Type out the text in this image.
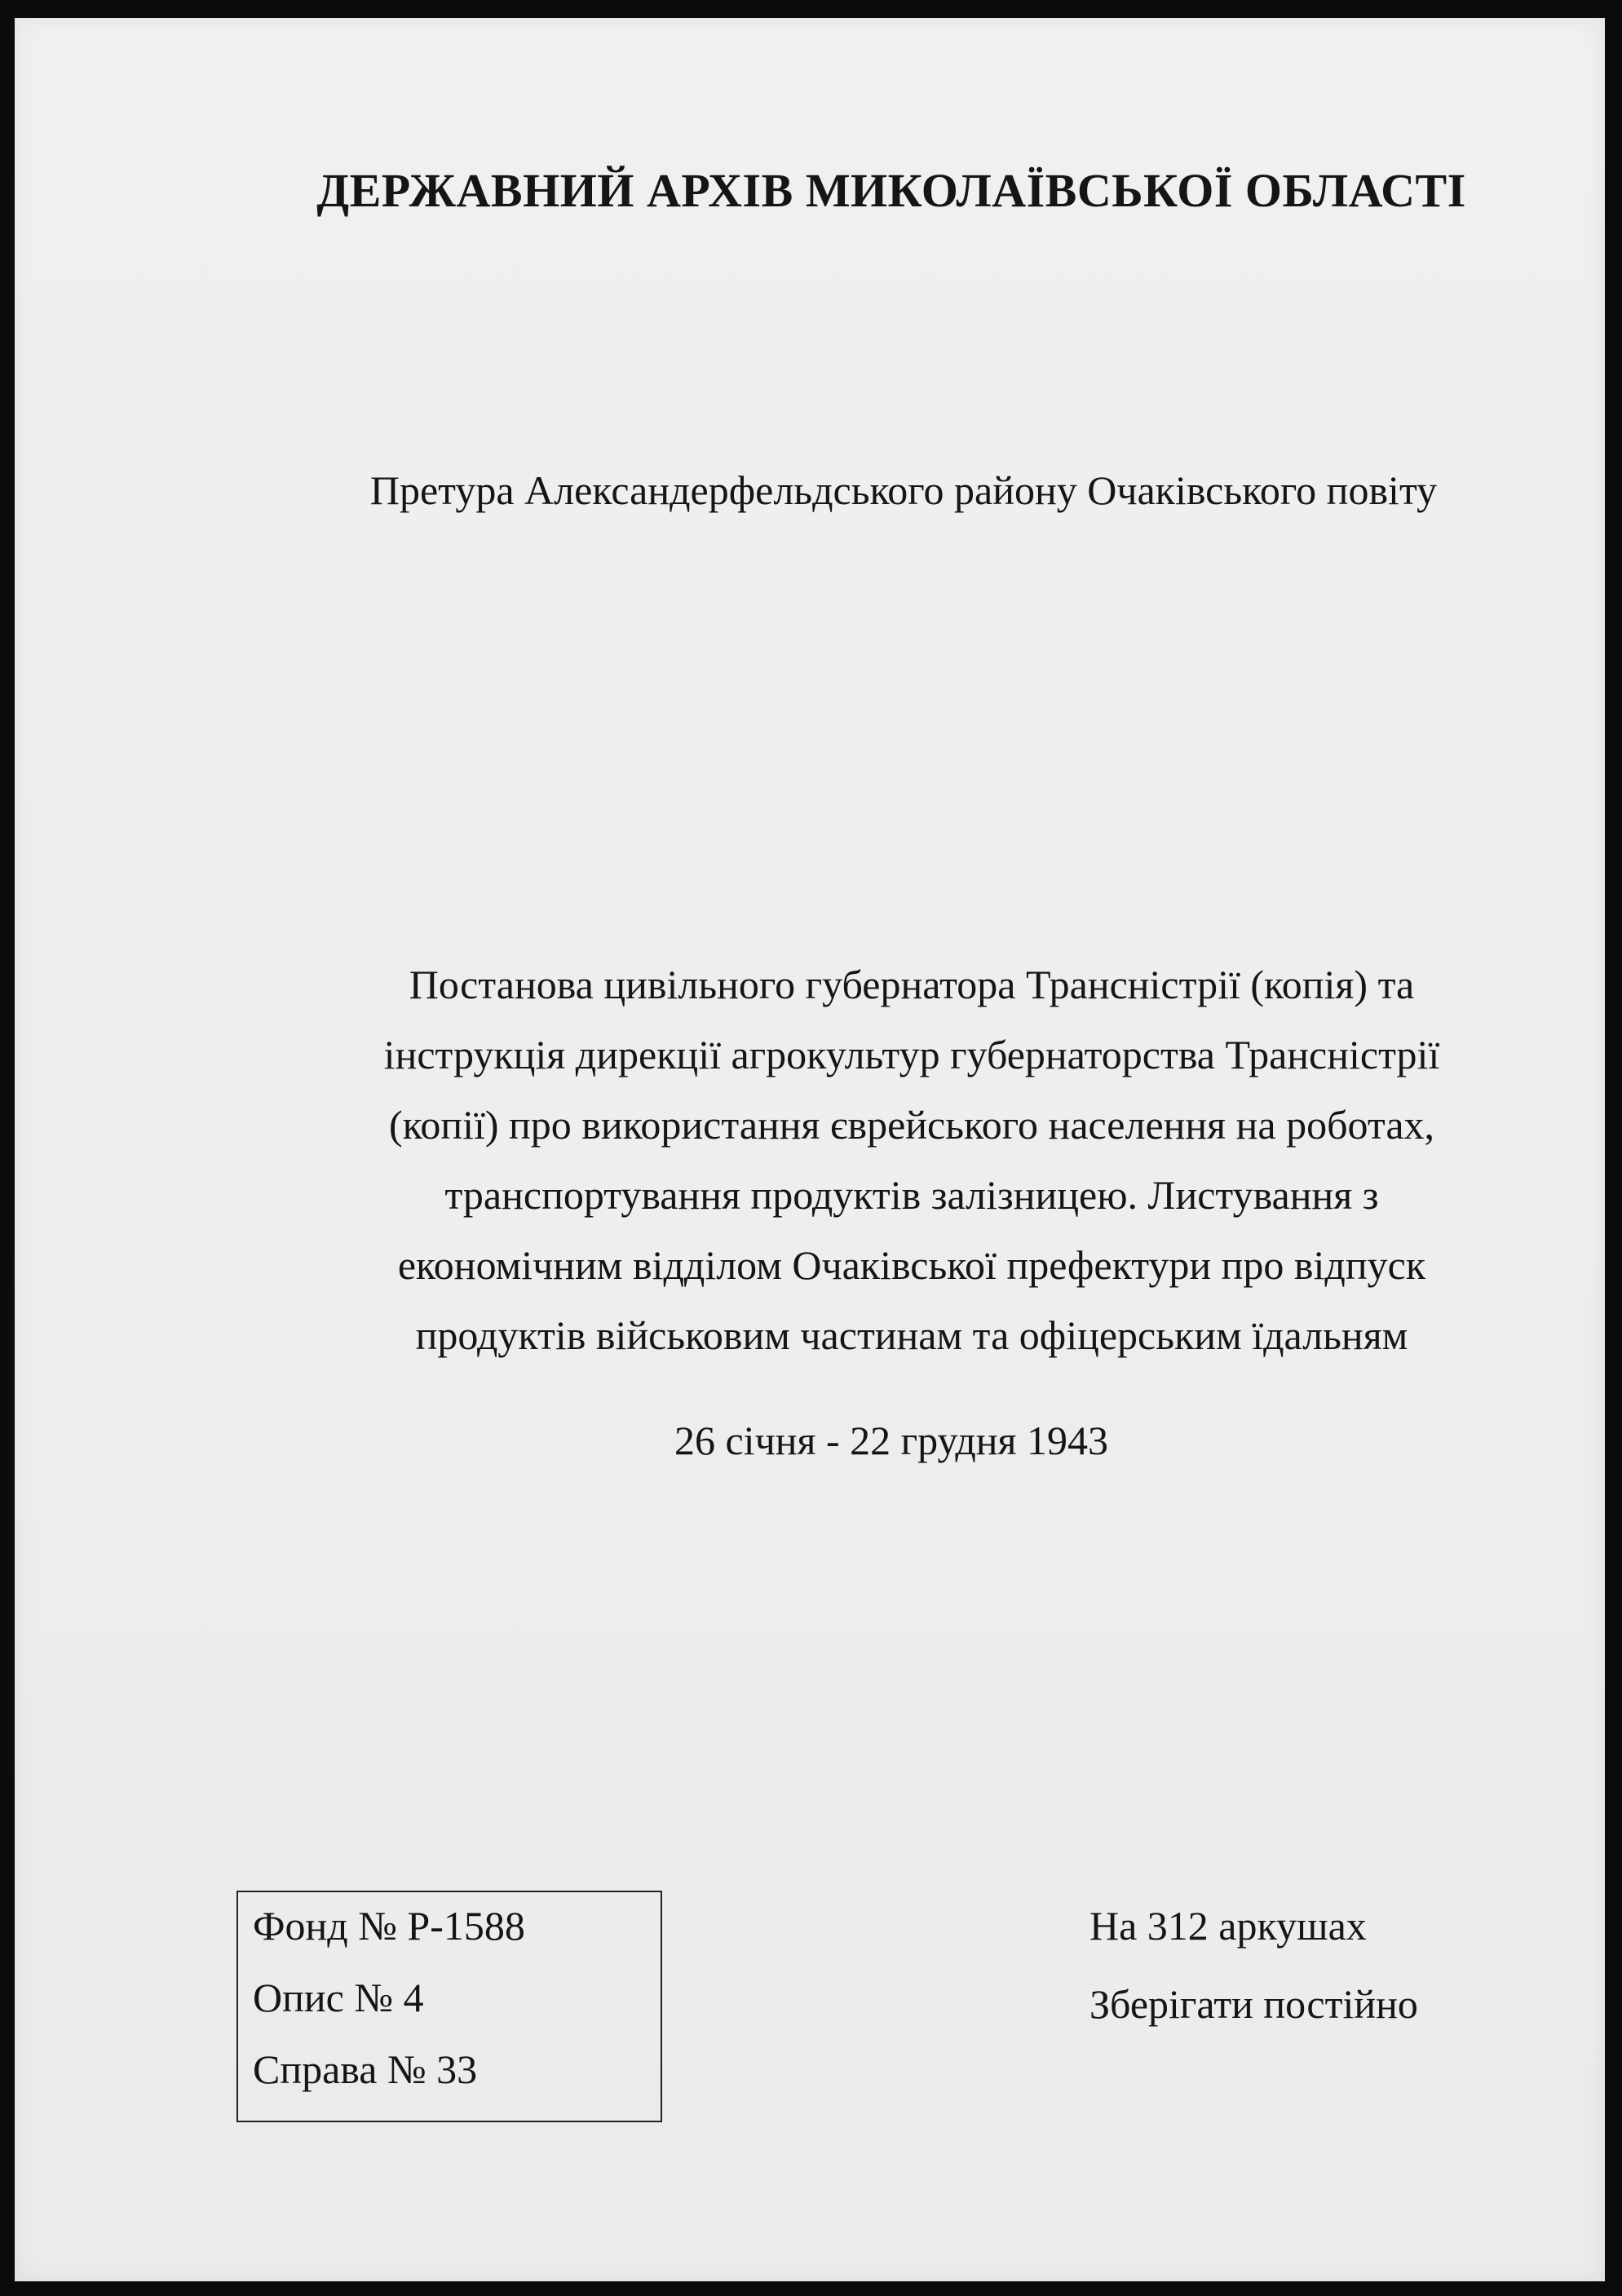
ДЕРЖАВНИЙ АРХІВ МИКОЛАЇВСЬКОЇ ОБЛАСТІ
Претура Александерфельдського району Очаківського повіту
Постанова цивільного губернатора Трансністрії (копія) та
інструкція дирекції агрокультур губернаторства Трансністрії
(копії) про використання єврейського населення на роботах,
транспортування продуктів залізницею. Листування з
економічним відділом Очаківської префектури про відпуск
продуктів військовим частинам та офіцерським їдальням
26 січня - 22 грудня 1943
Фонд № Р-1588
Опис № 4
Справа № 33
На 312 аркушах
Зберігати постійно
